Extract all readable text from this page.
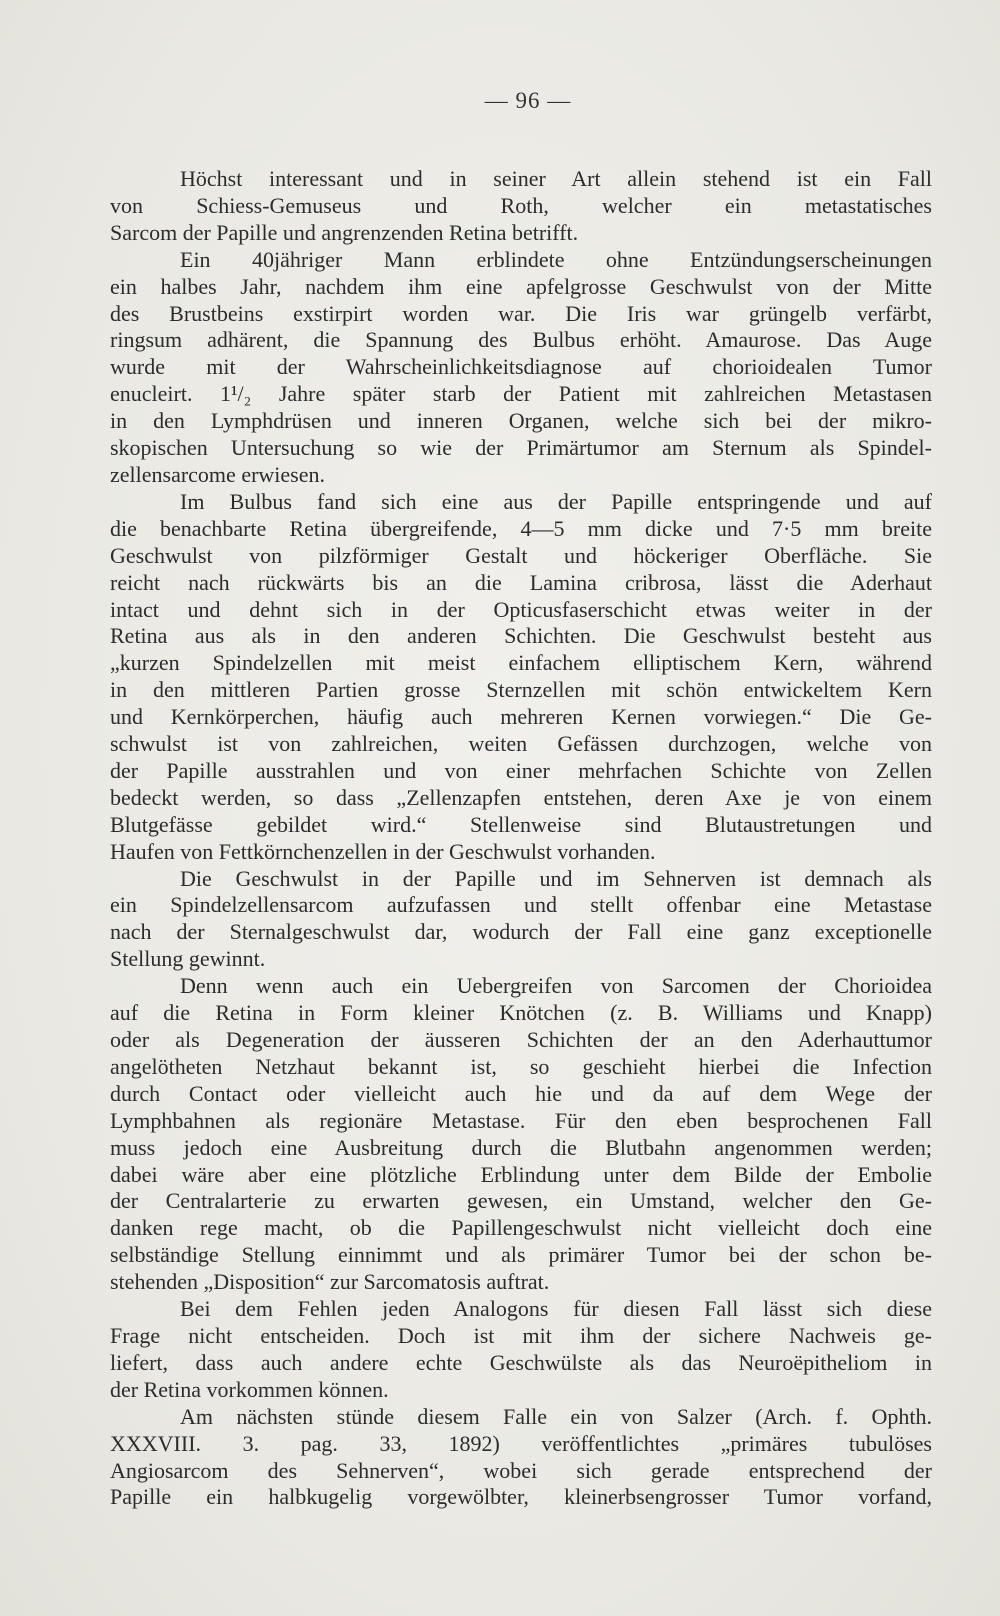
— 96 —
Höchst interessant und in seiner Art allein stehend ist ein Fall
von Schiess-Gemuseus und Roth, welcher ein metastatisches
Sarcom der Papille und angrenzenden Retina betrifft.
Ein 40jähriger Mann erblindete ohne Entzündungserscheinungen
ein halbes Jahr, nachdem ihm eine apfelgrosse Geschwulst von der Mitte
des Brustbeins exstirpirt worden war. Die Iris war grüngelb verfärbt,
ringsum adhärent, die Spannung des Bulbus erhöht. Amaurose. Das Auge
wurde mit der Wahrscheinlichkeitsdiagnose auf chorioidealen Tumor
enucleirt. 1¹/₂ Jahre später starb der Patient mit zahlreichen Metastasen
in den Lymphdrüsen und inneren Organen, welche sich bei der mikro-
skopischen Untersuchung so wie der Primärtumor am Sternum als Spindel-
zellensarcome erwiesen.
Im Bulbus fand sich eine aus der Papille entspringende und auf
die benachbarte Retina übergreifende, 4—5 mm dicke und 7·5 mm breite
Geschwulst von pilzförmiger Gestalt und höckeriger Oberfläche. Sie
reicht nach rückwärts bis an die Lamina cribrosa, lässt die Aderhaut
intact und dehnt sich in der Opticusfaserschicht etwas weiter in der
Retina aus als in den anderen Schichten. Die Geschwulst besteht aus
„kurzen Spindelzellen mit meist einfachem elliptischem Kern, während
in den mittleren Partien grosse Sternzellen mit schön entwickeltem Kern
und Kernkörperchen, häufig auch mehreren Kernen vorwiegen.“ Die Ge-
schwulst ist von zahlreichen, weiten Gefässen durchzogen, welche von
der Papille ausstrahlen und von einer mehrfachen Schichte von Zellen
bedeckt werden, so dass „Zellenzapfen entstehen, deren Axe je von einem
Blutgefässe gebildet wird.“ Stellenweise sind Blutaustretungen und
Haufen von Fettkörnchenzellen in der Geschwulst vorhanden.
Die Geschwulst in der Papille und im Sehnerven ist demnach als
ein Spindelzellensarcom aufzufassen und stellt offenbar eine Metastase
nach der Sternalgeschwulst dar, wodurch der Fall eine ganz exceptionelle
Stellung gewinnt.
Denn wenn auch ein Uebergreifen von Sarcomen der Chorioidea
auf die Retina in Form kleiner Knötchen (z. B. Williams und Knapp)
oder als Degeneration der äusseren Schichten der an den Aderhauttumor
angelötheten Netzhaut bekannt ist, so geschieht hierbei die Infection
durch Contact oder vielleicht auch hie und da auf dem Wege der
Lymphbahnen als regionäre Metastase. Für den eben besprochenen Fall
muss jedoch eine Ausbreitung durch die Blutbahn angenommen werden;
dabei wäre aber eine plötzliche Erblindung unter dem Bilde der Embolie
der Centralarterie zu erwarten gewesen, ein Umstand, welcher den Ge-
danken rege macht, ob die Papillengeschwulst nicht vielleicht doch eine
selbständige Stellung einnimmt und als primärer Tumor bei der schon be-
stehenden „Disposition“ zur Sarcomatosis auftrat.
Bei dem Fehlen jeden Analogons für diesen Fall lässt sich diese
Frage nicht entscheiden. Doch ist mit ihm der sichere Nachweis ge-
liefert, dass auch andere echte Geschwülste als das Neuroëpitheliom in
der Retina vorkommen können.
Am nächsten stünde diesem Falle ein von Salzer (Arch. f. Ophth.
XXXVIII. 3. pag. 33, 1892) veröffentlichtes „primäres tubulöses
Angiosarcom des Sehnerven“, wobei sich gerade entsprechend der
Papille ein halbkugelig vorgewölbter, kleinerbsengrosser Tumor vorfand,
